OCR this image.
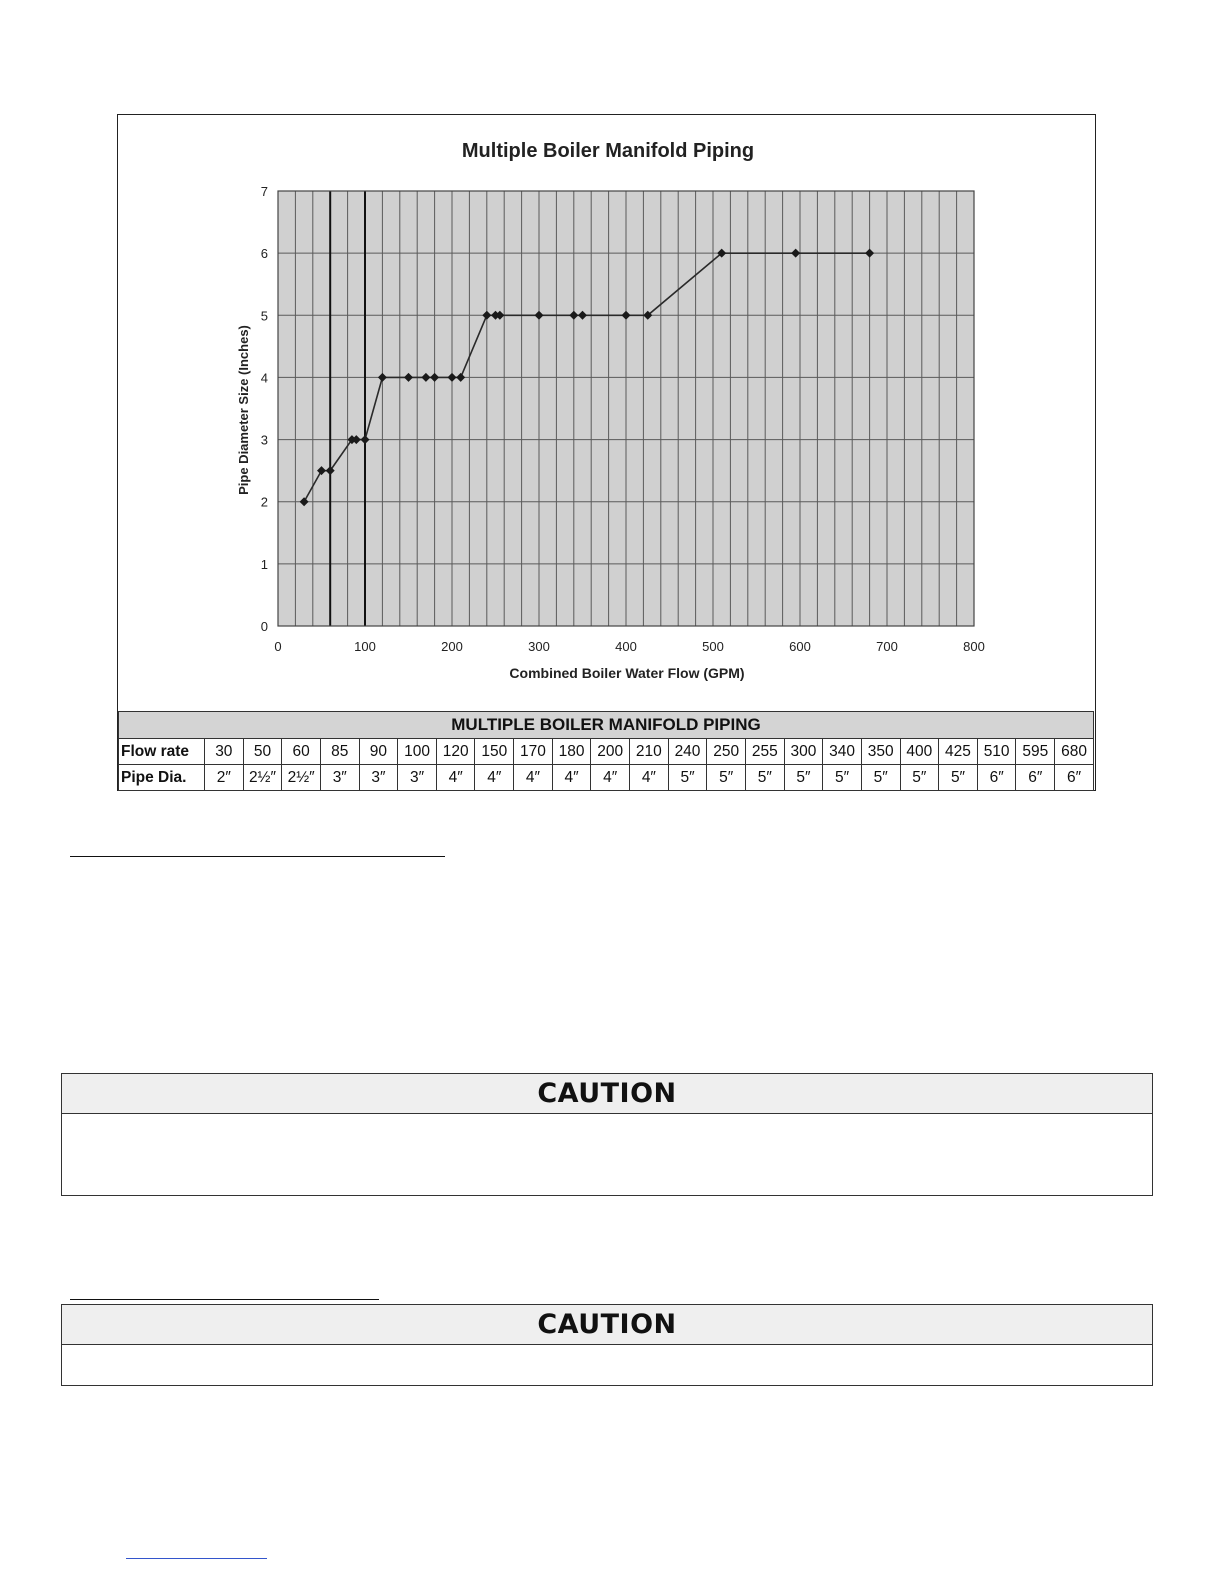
Multiple Boiler Manifold Piping
0	100	200	300	400	500	600	700	800
0
1
2
3
4
5
6
7
Combined Boiler Water Flow (GPM)
Pipe Diameter Size (Inches)
MULTIPLE BOILER MANIFOLD PIPING																							
Flow rate	30	50	60	85	90	100	120	150	170	180	200	210	240	250	255	300	340	350	400	425	510	595	680
Pipe Dia.	2″	2½″	2½″	3″	3″	3″	4″	4″	4″	4″	4″	4″	5″	5″	5″	5″	5″	5″	5″	5″	6″	6″	6″
CAUTION
CAUTION
